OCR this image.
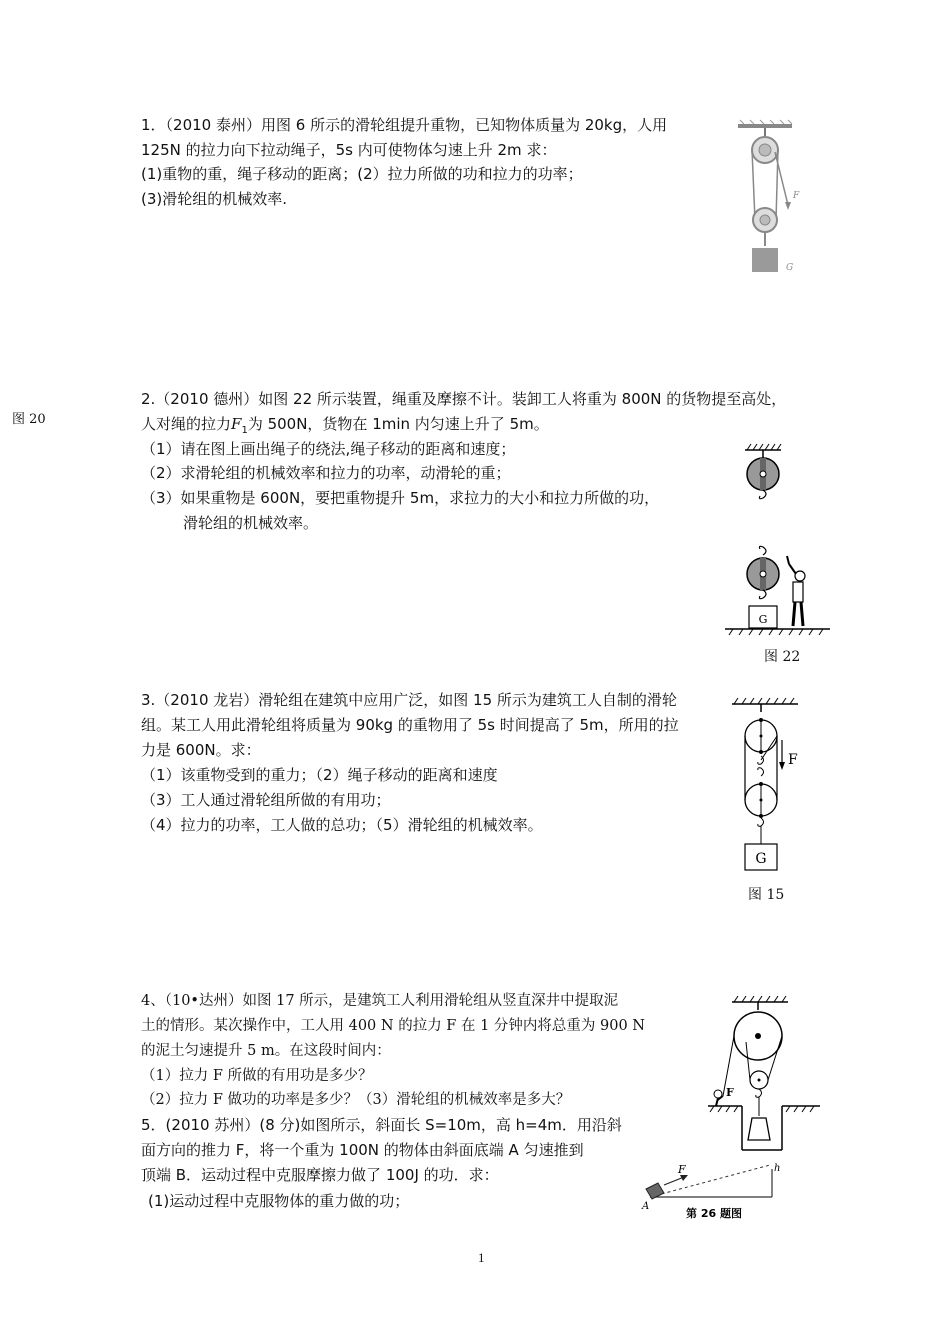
1．（2010 泰州）用图 6 所示的滑轮组提升重物，已知物体质量为 20kg，人用
125N 的拉力向下拉动绳子，5s 内可使物体匀速上升 2m 求：
(1)重物的重，绳子移动的距离；(2）拉力所做的功和拉力的功率；
(3)滑轮组的机械效率.	F
G
图 20
2.（2010 德州）如图 22 所示装置，绳重及摩擦不计。装卸工人将重为 800N 的货物提至高处，
人对绳的拉力$F_1$为 500N，货物在 1min 内匀速上升了 5m。
（1）请在图上画出绳子的绕法,绳子移动的距离和速度；
（2）求滑轮组的机械效率和拉力的功率，动滑轮的重；
（3）如果重物是 600N，要把重物提升 5m，求拉力的大小和拉力所做的功，
滑轮组的机械效率。
G
图 22
3.（2010 龙岩）滑轮组在建筑中应用广泛，如图 15 所示为建筑工人自制的滑轮
组。某工人用此滑轮组将质量为 90kg 的重物用了 5s 时间提高了 5m，所用的拉
力是 600N。求：
（1）该重物受到的重力；（2）绳子移动的距离和速度
（3）工人通过滑轮组所做的有用功；
（4）拉力的功率，工人做的总功；（5）滑轮组的机械效率。
F
G
图 15
4、（10•达州）如图 17 所示，是建筑工人利用滑轮组从竖直深井中提取泥
土的情形。某次操作中，工人用 400 N 的拉力 F 在 1 分钟内将总重为 900 N
的泥土匀速提升 5 m。在这段时间内：
（1）拉力 F 所做的有用功是多少？
（2）拉力 F 做功的功率是多少？（3）滑轮组的机械效率是多大？	F
5．(2010 苏州）(8 分)如图所示，斜面长 S=10m，高 h=4m．用沿斜
面方向的推力 F，将一个重为 100N 的物体由斜面底端 A 匀速推到
顶端 B．运动过程中克服摩擦力做了 100J 的功．求：
(1)运动过程中克服物体的重力做的功；
F
A
h
第 26 题图
1
